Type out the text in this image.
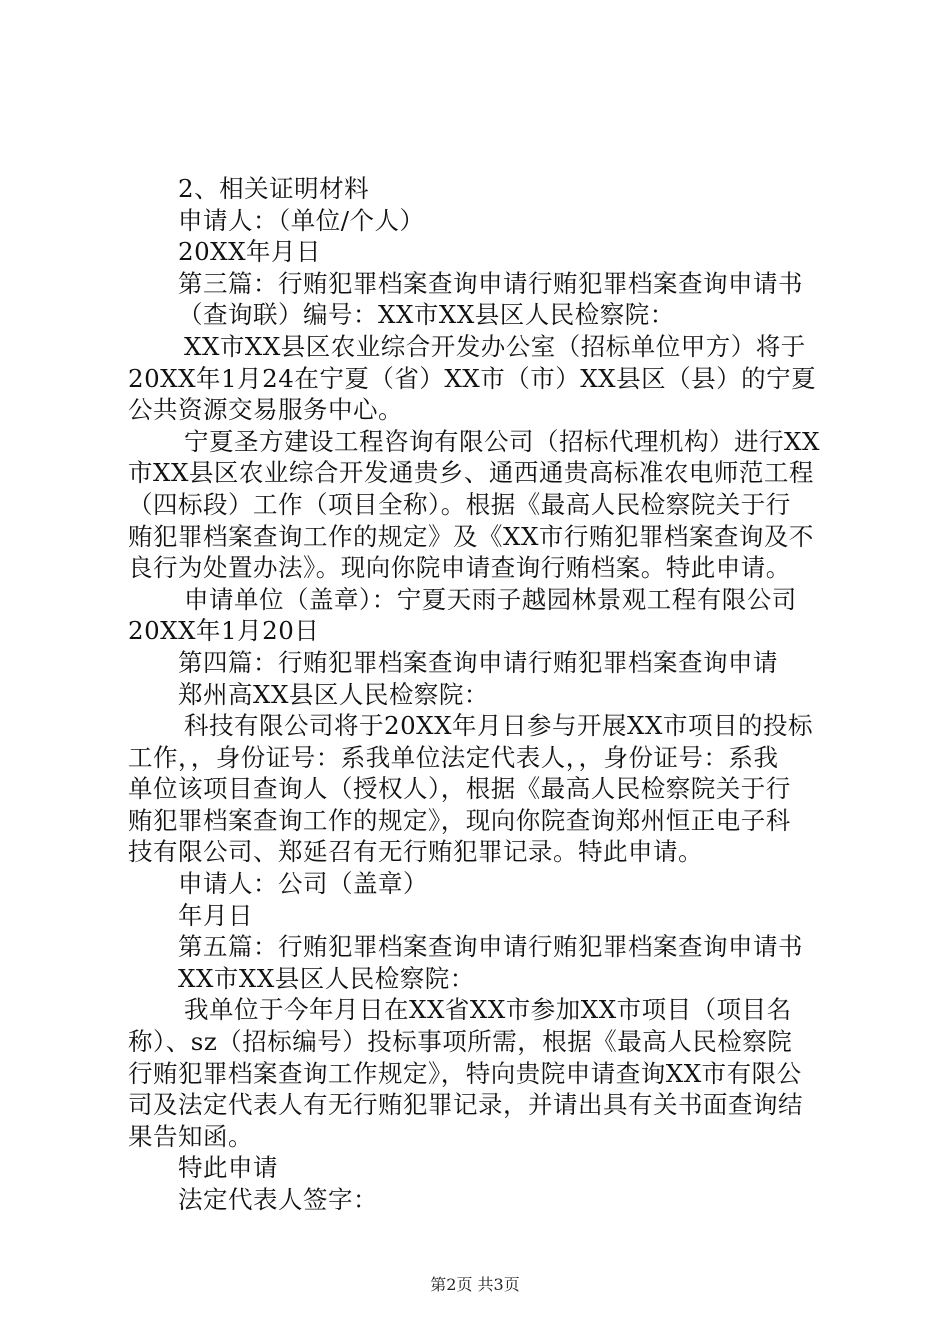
2、相关证明材料
申请人：（单位/个人）
20XX年月日
第三篇：行贿犯罪档案查询申请行贿犯罪档案查询申请书
（查询联）编号：XX市XX县区人民检察院：
XX市XX县区农业综合开发办公室（招标单位甲方）将于
20XX年1月24在宁夏（省）XX市（市）XX县区（县）的宁夏
公共资源交易服务中心。
宁夏圣方建设工程咨询有限公司（招标代理机构）进行XX
市XX县区农业综合开发通贵乡、通西通贵高标准农电师范工程
（四标段）工作（项目全称）。根据《最高人民检察院关于行
贿犯罪档案查询工作的规定》及《XX市行贿犯罪档案查询及不
良行为处置办法》。现向你院申请查询行贿档案。特此申请。
申请单位（盖章）：宁夏天雨子越园林景观工程有限公司
20XX年1月20日
第四篇：行贿犯罪档案查询申请行贿犯罪档案查询申请
郑州高XX县区人民检察院：
科技有限公司将于20XX年月日参与开展XX市项目的投标
工作，，身份证号：系我单位法定代表人，，身份证号：系我
单位该项目查询人（授权人），根据《最高人民检察院关于行
贿犯罪档案查询工作的规定》，现向你院查询郑州恒正电子科
技有限公司、郑延召有无行贿犯罪记录。特此申请。
申请人：公司（盖章）
年月日
第五篇：行贿犯罪档案查询申请行贿犯罪档案查询申请书
XX市XX县区人民检察院：
我单位于今年月日在XX省XX市参加XX市项目（项目名
称）、sz（招标编号）投标事项所需，根据《最高人民检察院
行贿犯罪档案查询工作规定》，特向贵院申请查询XX市有限公
司及法定代表人有无行贿犯罪记录，并请出具有关书面查询结
果告知函。
特此申请
法定代表人签字：
第2页 共3页
